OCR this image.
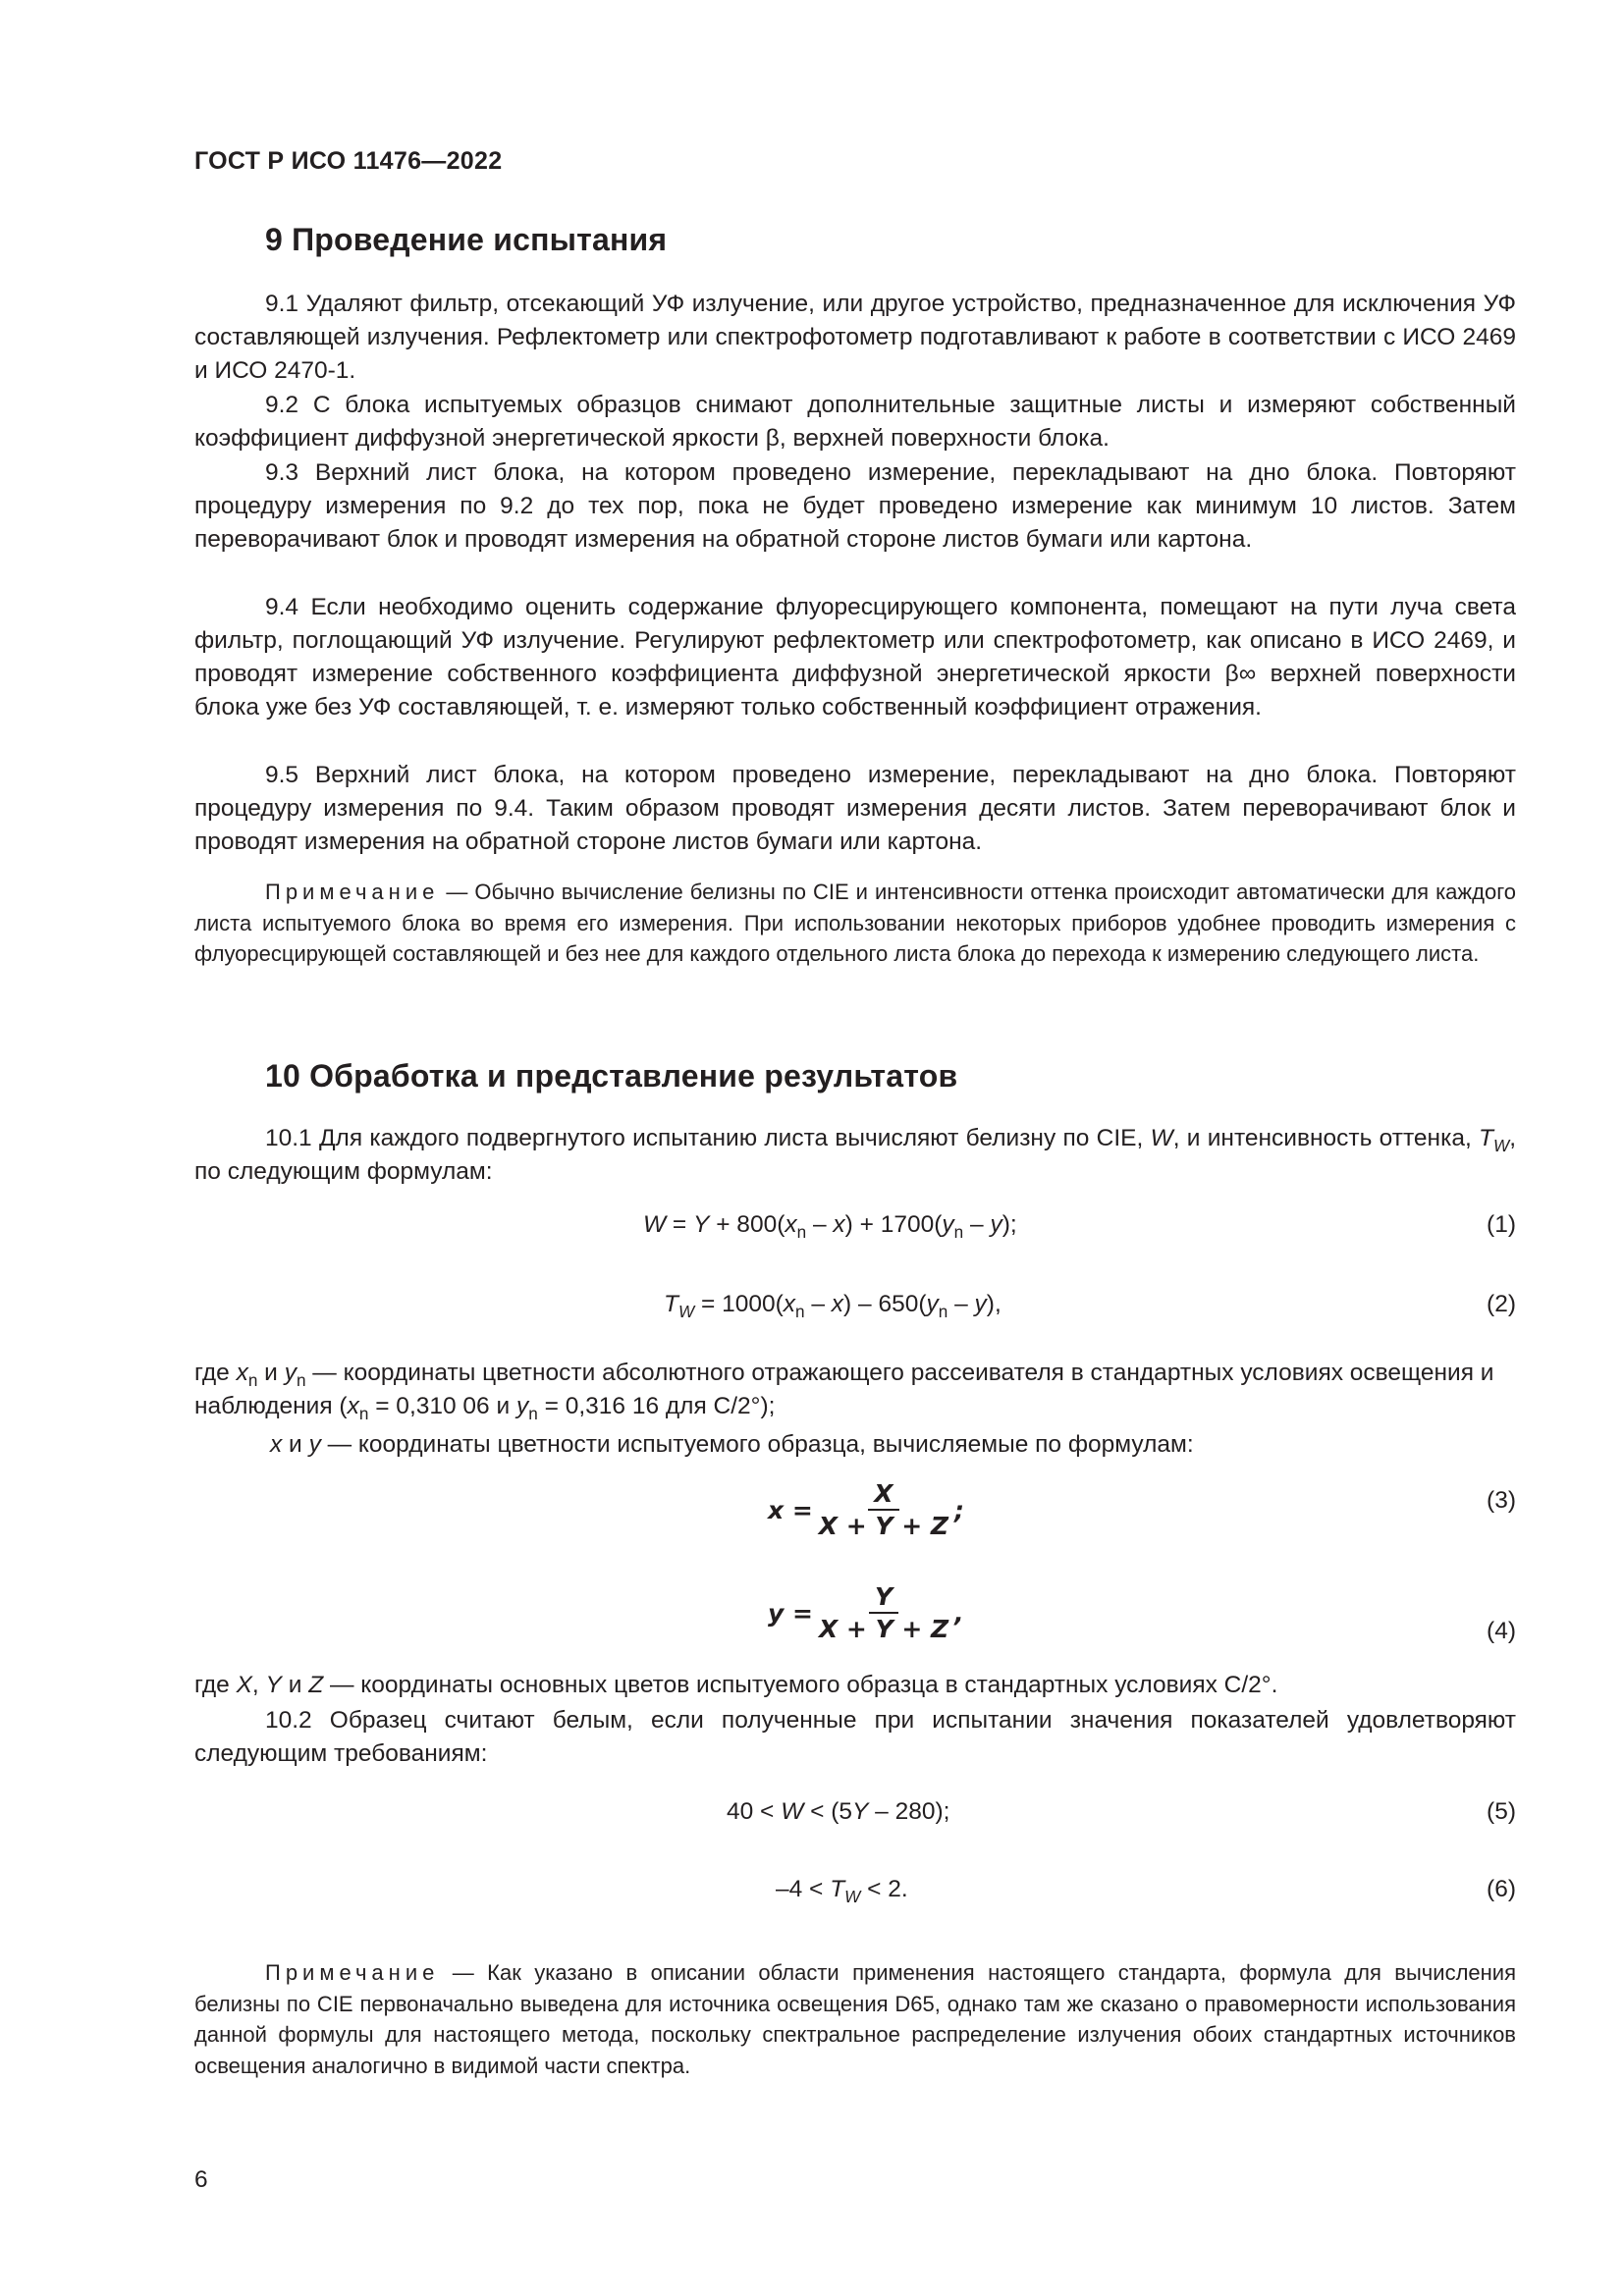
ГОСТ Р ИСО 11476—2022
9 Проведение испытания
9.1 Удаляют фильтр, отсекающий УФ излучение, или другое устройство, предназначенное для исключения УФ составляющей излучения. Рефлектометр или спектрофотометр подготавливают к работе в соответствии с ИСО 2469 и ИСО 2470-1.
9.2 С блока испытуемых образцов снимают дополнительные защитные листы и измеряют собственный коэффициент диффузной энергетической яркости β, верхней поверхности блока.
9.3 Верхний лист блока, на котором проведено измерение, перекладывают на дно блока. Повторяют процедуру измерения по 9.2 до тех пор, пока не будет проведено измерение как минимум 10 листов. Затем переворачивают блок и проводят измерения на обратной стороне листов бумаги или картона.
9.4 Если необходимо оценить содержание флуоресцирующего компонента, помещают на пути луча света фильтр, поглощающий УФ излучение. Регулируют рефлектометр или спектрофотометр, как описано в ИСО 2469, и проводят измерение собственного коэффициента диффузной энергетической яркости β∞ верхней поверхности блока уже без УФ составляющей, т. е. измеряют только собственный коэффициент отражения.
9.5 Верхний лист блока, на котором проведено измерение, перекладывают на дно блока. Повторяют процедуру измерения по 9.4. Таким образом проводят измерения десяти листов. Затем переворачивают блок и проводят измерения на обратной стороне листов бумаги или картона.
Примечание — Обычно вычисление белизны по CIE и интенсивности оттенка происходит автоматически для каждого листа испытуемого блока во время его измерения. При использовании некоторых приборов удобнее проводить измерения с флуоресцирующей составляющей и без нее для каждого отдельного листа блока до перехода к измерению следующего листа.
10 Обработка и представление результатов
10.1 Для каждого подвергнутого испытанию листа вычисляют белизну по CIE, W, и интенсивность оттенка, $T_W$, по следующим формулам:
$W = Y + 800(x_n - x) + 1700(y_n - y)$;	(1)
$T_W = 1000(x_n - x) - 650(y_n - y)$,	(2)
где $x_n$ и $y_n$ — координаты цветности абсолютного отражающего рассеивателя в стандартных условиях освещения и наблюдения ($x_n = 0,310$ 06 и $y_n = 0,316$ 16 для C/2°);
x и y — координаты цветности испытуемого образца, вычисляемые по формулам:
$x = \frac{X}{X + Y + Z}$ ;	(3)
$y = \frac{Y}{X + Y + Z}$ ,
(4)
где X, Y и Z — координаты основных цветов испытуемого образца в стандартных условиях C/2°.
10.2 Образец считают белым, если полученные при испытании значения показателей удовлетворяют следующим требованиям:
40 < W < (5Y – 280);	(5)
$-4 < T_W < 2$.	(6)
Примечание — Как указано в описании области применения настоящего стандарта, формула для вычисления белизны по CIE первоначально выведена для источника освещения D65, однако там же сказано о правомерности использования данной формулы для настоящего метода, поскольку спектральное распределение излучения обоих стандартных источников освещения аналогично в видимой части спектра.
6
